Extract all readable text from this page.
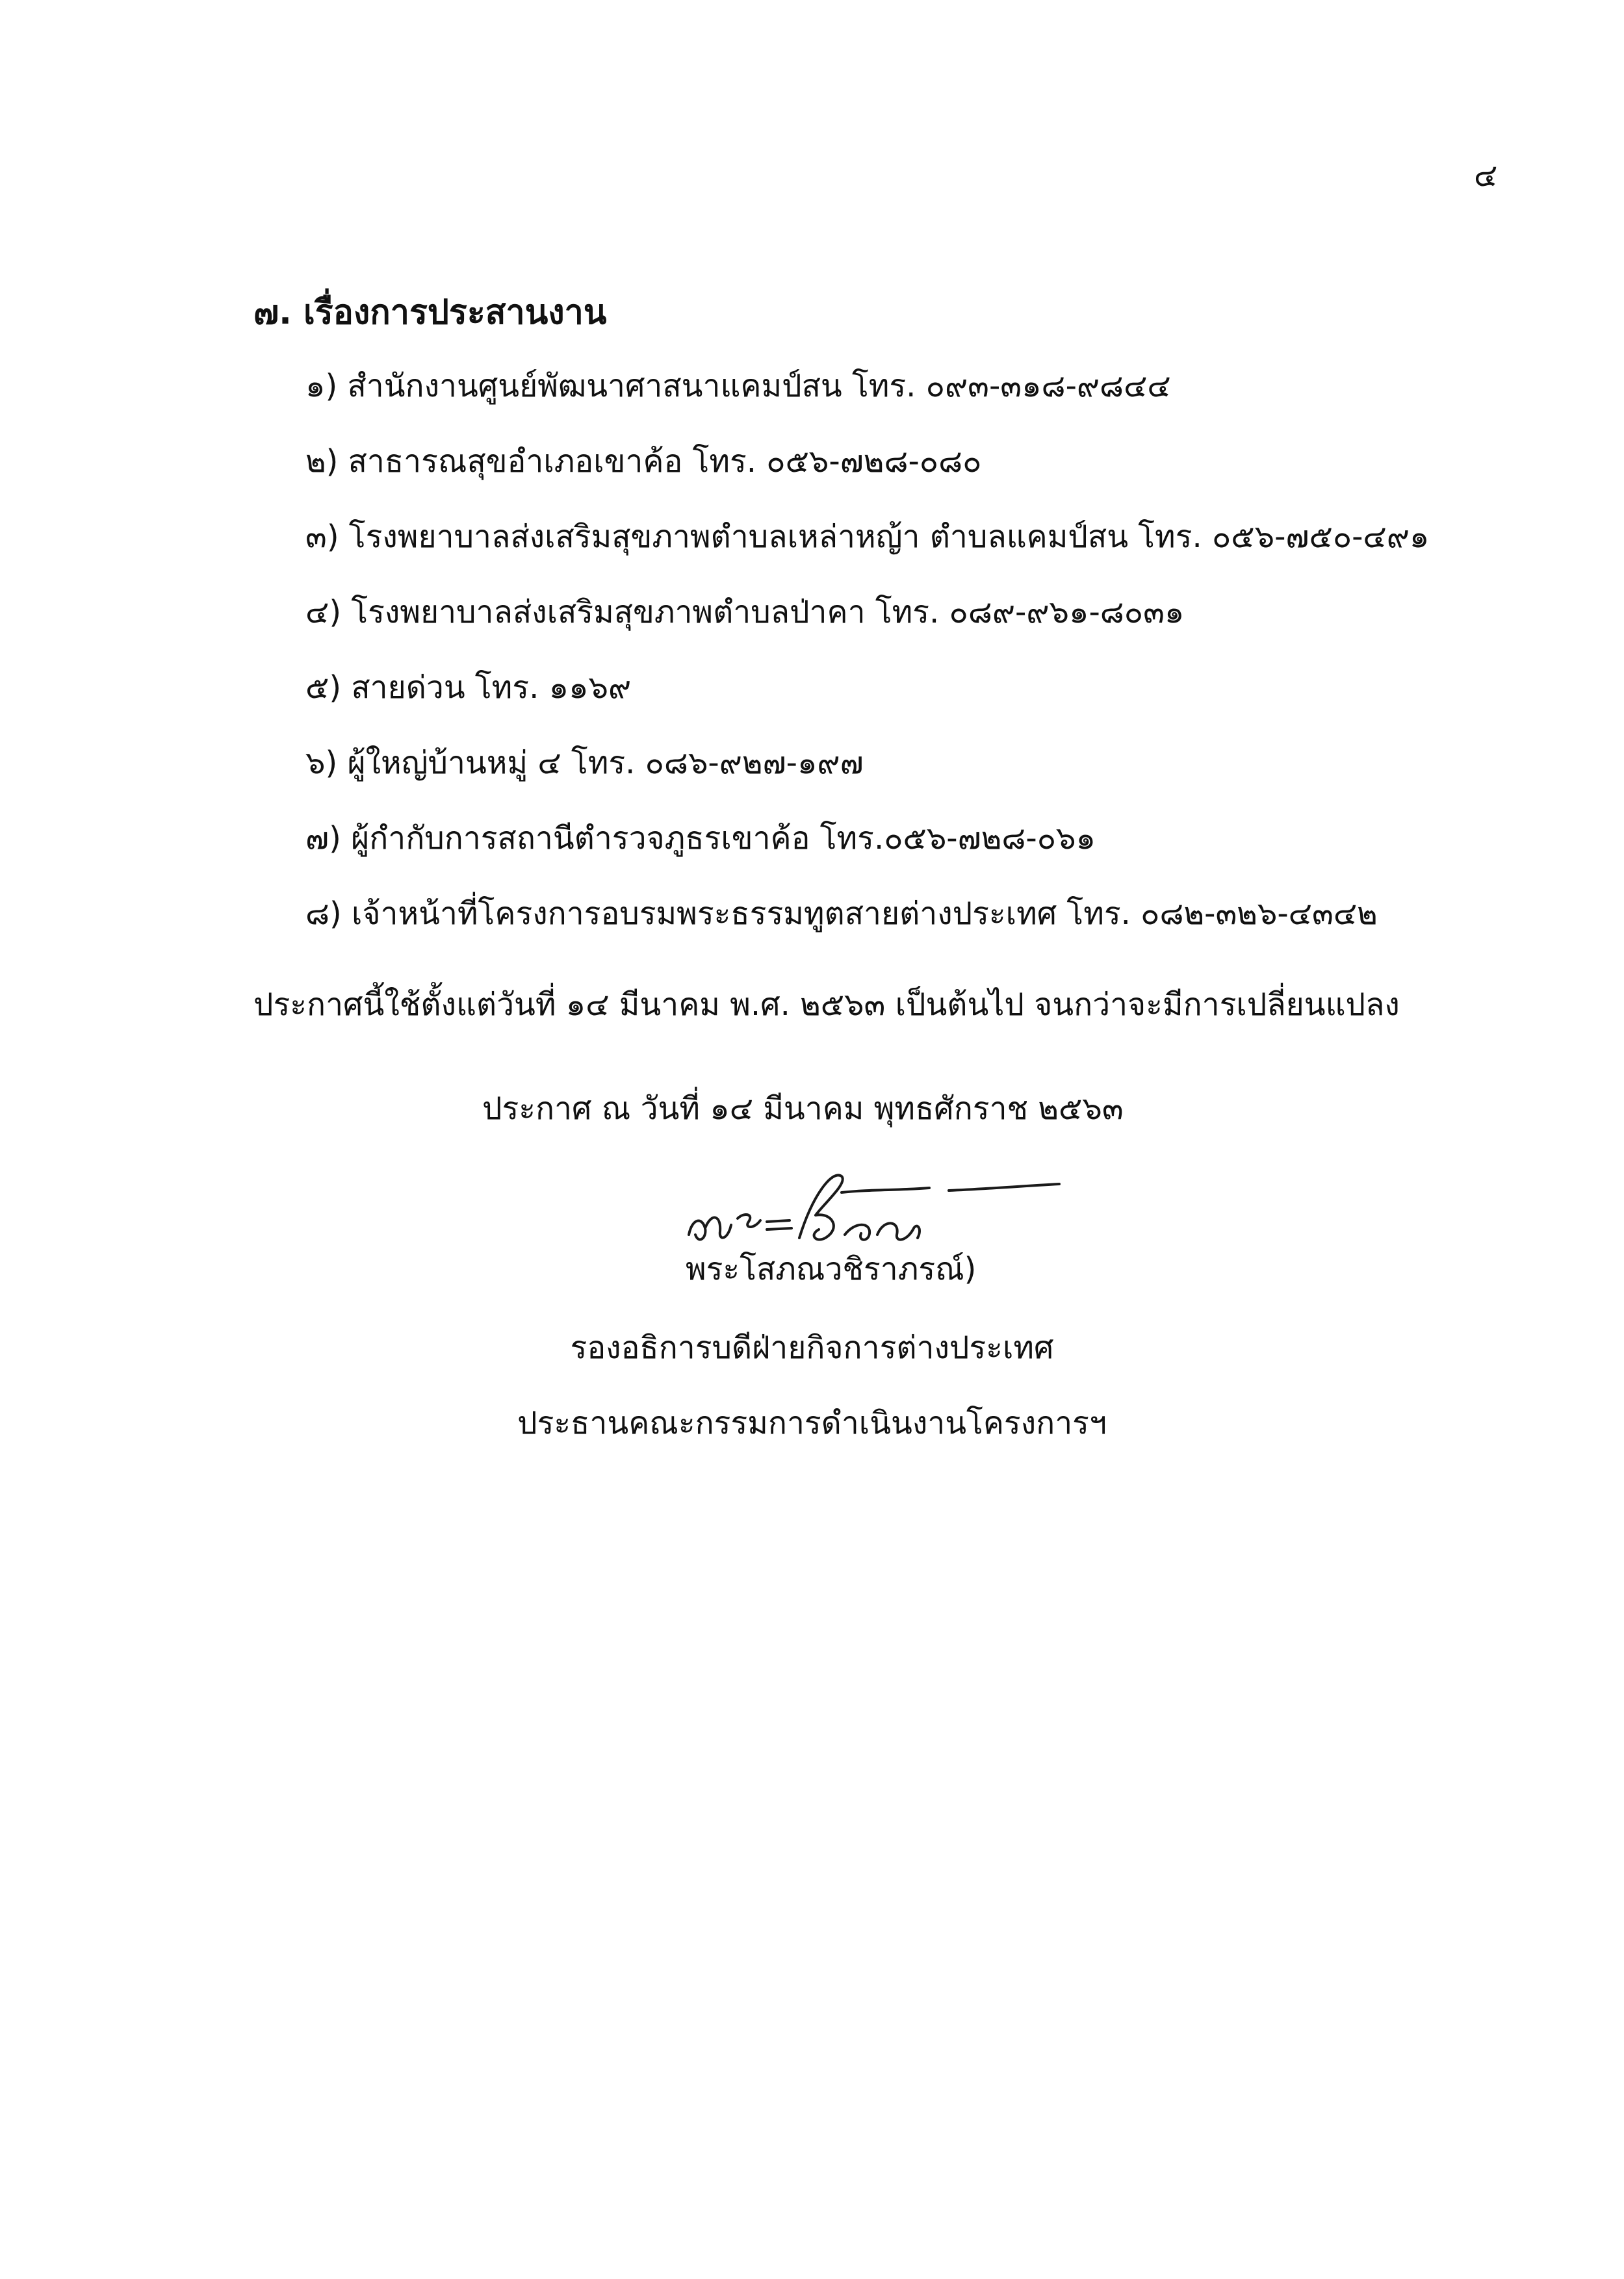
๔
๗. เรื่องการประสานงาน
๑) สำนักงานศูนย์พัฒนาศาสนาแคมป์สน โทร. ๐๙๓-๓๑๘-๙๘๔๔
๒) สาธารณสุขอำเภอเขาค้อ โทร. ๐๕๖-๗๒๘-๐๘๐
๓) โรงพยาบาลส่งเสริมสุขภาพตำบลเหล่าหญ้า ตำบลแคมป์สน โทร. ๐๕๖-๗๕๐-๔๙๑
๔) โรงพยาบาลส่งเสริมสุขภาพตำบลป่าคา โทร. ๐๘๙-๙๖๑-๘๐๓๑
๕) สายด่วน โทร. ๑๑๖๙
๖) ผู้ใหญ่บ้านหมู่ ๔ โทร. ๐๘๖-๙๒๗-๑๙๗
๗) ผู้กำกับการสถานีตำรวจภูธรเขาค้อ โทร.๐๕๖-๗๒๘-๐๖๑
๘) เจ้าหน้าที่โครงการอบรมพระธรรมทูตสายต่างประเทศ โทร. ๐๘๒-๓๒๖-๔๓๔๒
ประกาศนี้ใช้ตั้งแต่วันที่ ๑๔ มีนาคม พ.ศ. ๒๕๖๓ เป็นต้นไป จนกว่าจะมีการเปลี่ยนแปลง
ประกาศ ณ วันที่ ๑๔ มีนาคม พุทธศักราช ๒๕๖๓
พระโสภณวชิราภรณ์)
รองอธิการบดีฝ่ายกิจการต่างประเทศ
ประธานคณะกรรมการดำเนินงานโครงการฯ
